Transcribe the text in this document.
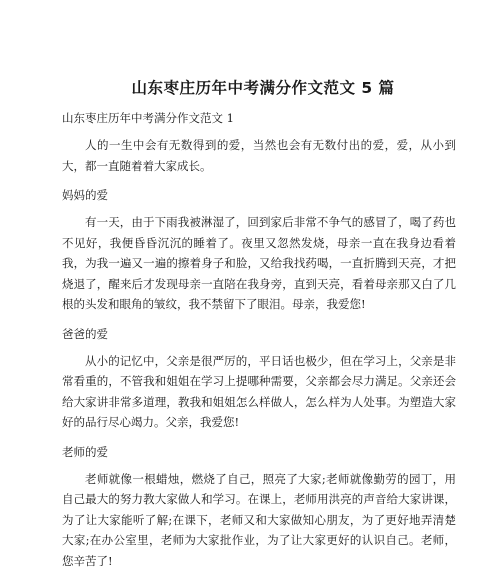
山东枣庄历年中考满分作文范文 5 篇
山东枣庄历年中考满分作文范文 1

人的一生中会有无数得到的爱，当然也会有无数付出的爱，爱，从小到大，都一直随着着大家成长。

妈妈的爱

有一天，由于下雨我被淋湿了，回到家后非常不争气的感冒了，喝了药也不见好，我便昏昏沉沉的睡着了。夜里又忽然发烧，母亲一直在我身边看着我，为我一遍又一遍的擦着身子和脸，又给我找药喝，一直折腾到天亮，才把烧退了，醒来后才发现母亲一直陪在我身旁，直到天亮，看着母亲那又白了几根的头发和眼角的皱纹，我不禁留下了眼泪。母亲，我爱您!

爸爸的爱

从小的记忆中，父亲是很严厉的，平日话也极少，但在学习上，父亲是非常看重的，不管我和姐姐在学习上提哪种需要，父亲都会尽力满足。父亲还会给大家讲非常多道理，教我和姐姐怎么样做人，怎么样为人处事。为塑造大家好的品行尽心竭力。父亲，我爱您!

老师的爱

老师就像一根蜡烛，燃烧了自己，照亮了大家;老师就像勤劳的园丁，用自己最大的努力教大家做人和学习。在课上，老师用洪亮的声音给大家讲课，为了让大家能听了解;在课下，老师又和大家做知心朋友，为了更好地弄清楚大家;在办公室里，老师为大家批作业，为了让大家更好的认识自己。老师，您辛苦了!
